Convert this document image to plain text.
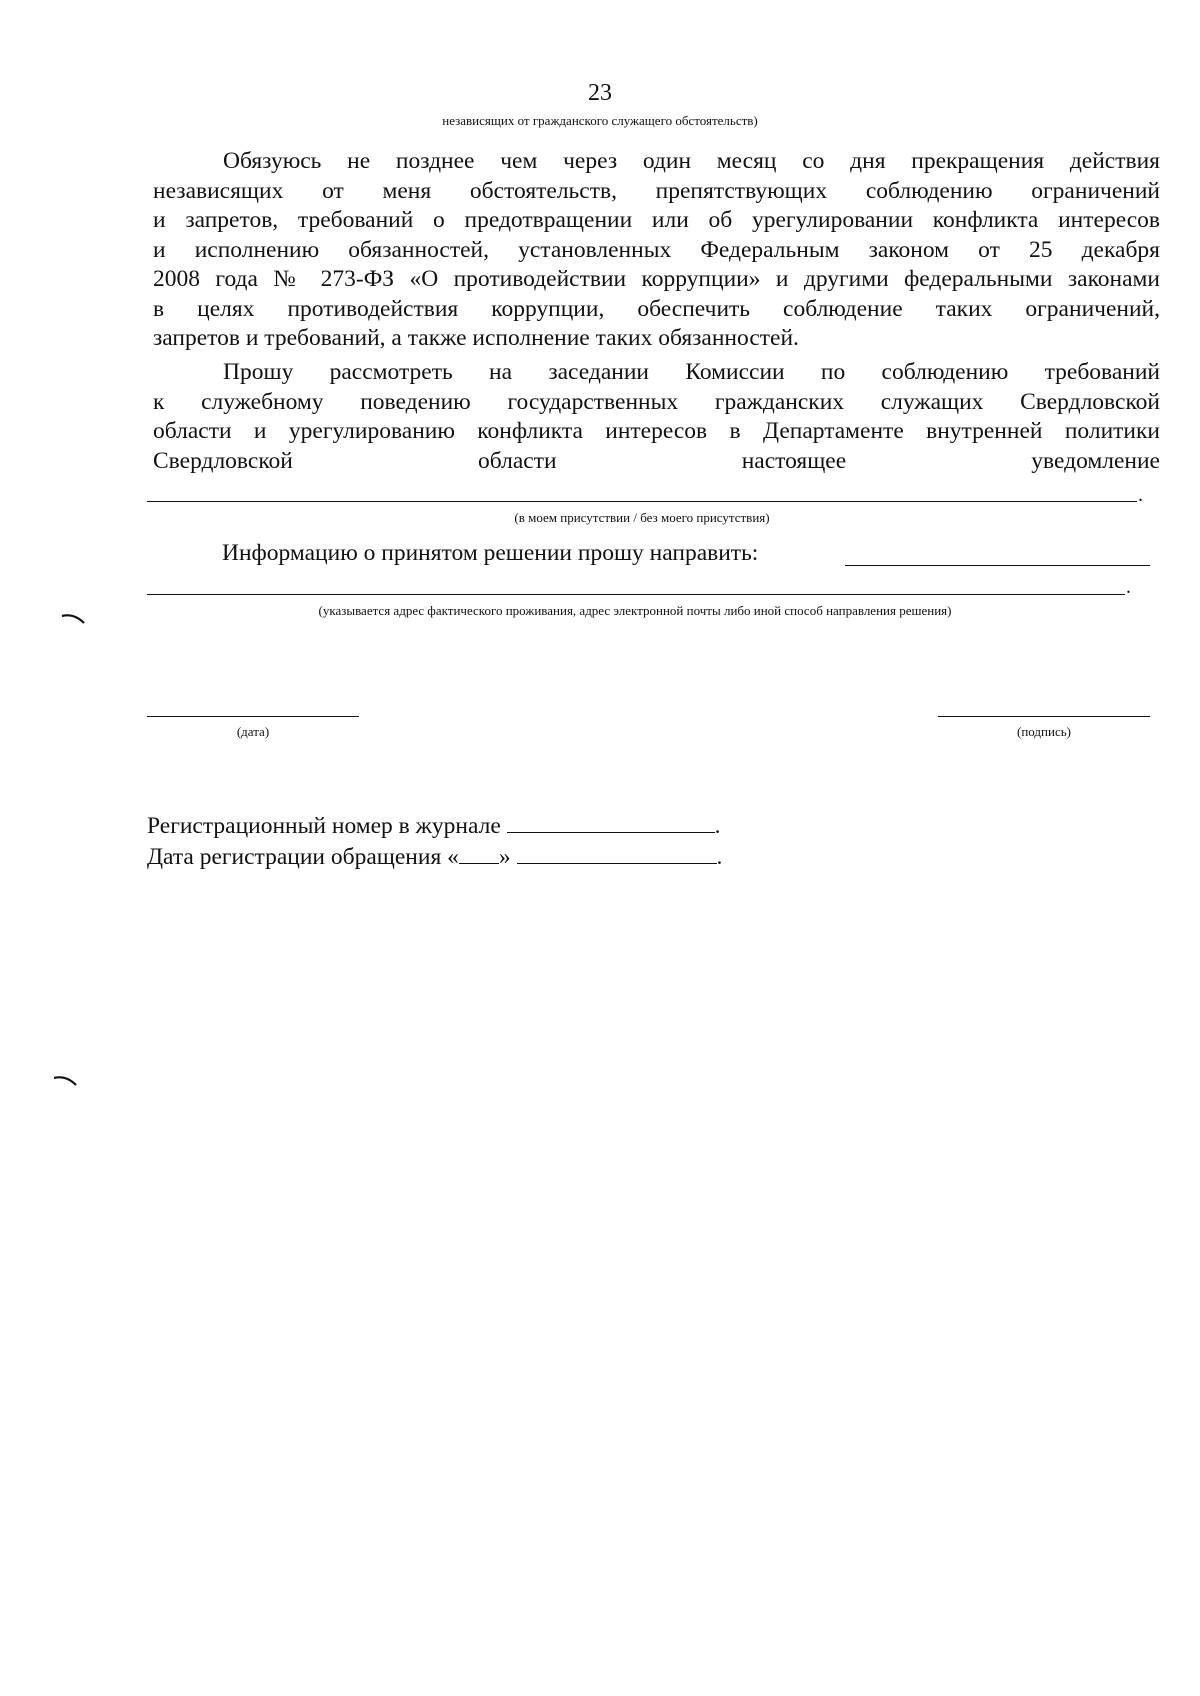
23
независящих от гражданского служащего обстоятельств)
Обязуюсь не позднее чем через один месяц со дня прекращения действия
независящих от меня обстоятельств, препятствующих соблюдению ограничений
и запретов, требований о предотвращении или об урегулировании конфликта интересов
и исполнению обязанностей, установленных Федеральным законом от 25 декабря
2008 года № 273-ФЗ «О противодействии коррупции» и другими федеральными законами
в целях противодействия коррупции, обеспечить соблюдение таких ограничений,
запретов и требований, а также исполнение таких обязанностей.
Прошу рассмотреть на заседании Комиссии по соблюдению требований
к служебному поведению государственных гражданских служащих Свердловской
области и урегулированию конфликта интересов в Департаменте внутренней политики
Свердловской области настоящее уведомление
.
(в моем присутствии / без моего присутствия)
Информацию о принятом решении прошу направить:
.
(указывается адрес фактического проживания, адрес электронной почты либо иной способ направления решения)
(дата)	(подпись)
Регистрационный номер в журнале	.
Дата регистрации обращения « »	.
